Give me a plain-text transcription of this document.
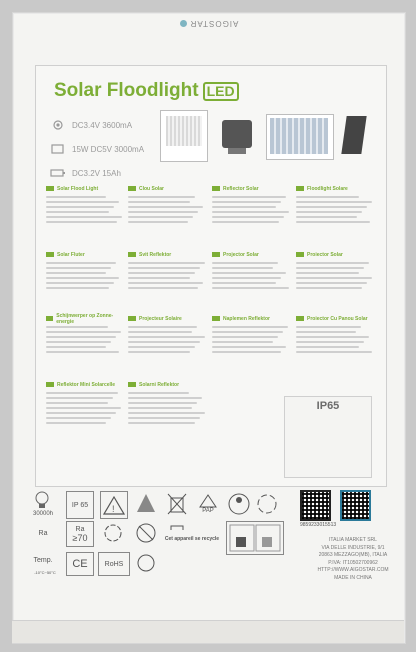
AIGOSTAR
Solar Floodlight LED
DC3.4V 3600mA
15W DC5V 3000mA
DC3.2V 15Ah
Solar Flood Light	Clou Solar	Reflector Solar	Floodlight Solare
Solar Fluter	Svit Reflektor	Projector Solar	Proiector Solar
Schijnwerper op Zonne-energie	Projecteur Solaire	Naplemen Reflektor	Proiector Cu Panou Solar
Reflektor Mini Solarcelle	Solarni Reflektor
IP65
30000h
IP 65	!	PAP
Ra
Ra
≥70
Temp. CE RoHS
Cet appareil se recycle
-10°C~50°C
9859233015513
ITALIA MARKET SRL
VIA DELLE INDUSTRIE, 9/1
20863 MEZZAGO(MB), ITALIA
P.IVA: IT10502700962
HTTP://WWW.AIGOSTAR.COM
MADE IN CHINA
